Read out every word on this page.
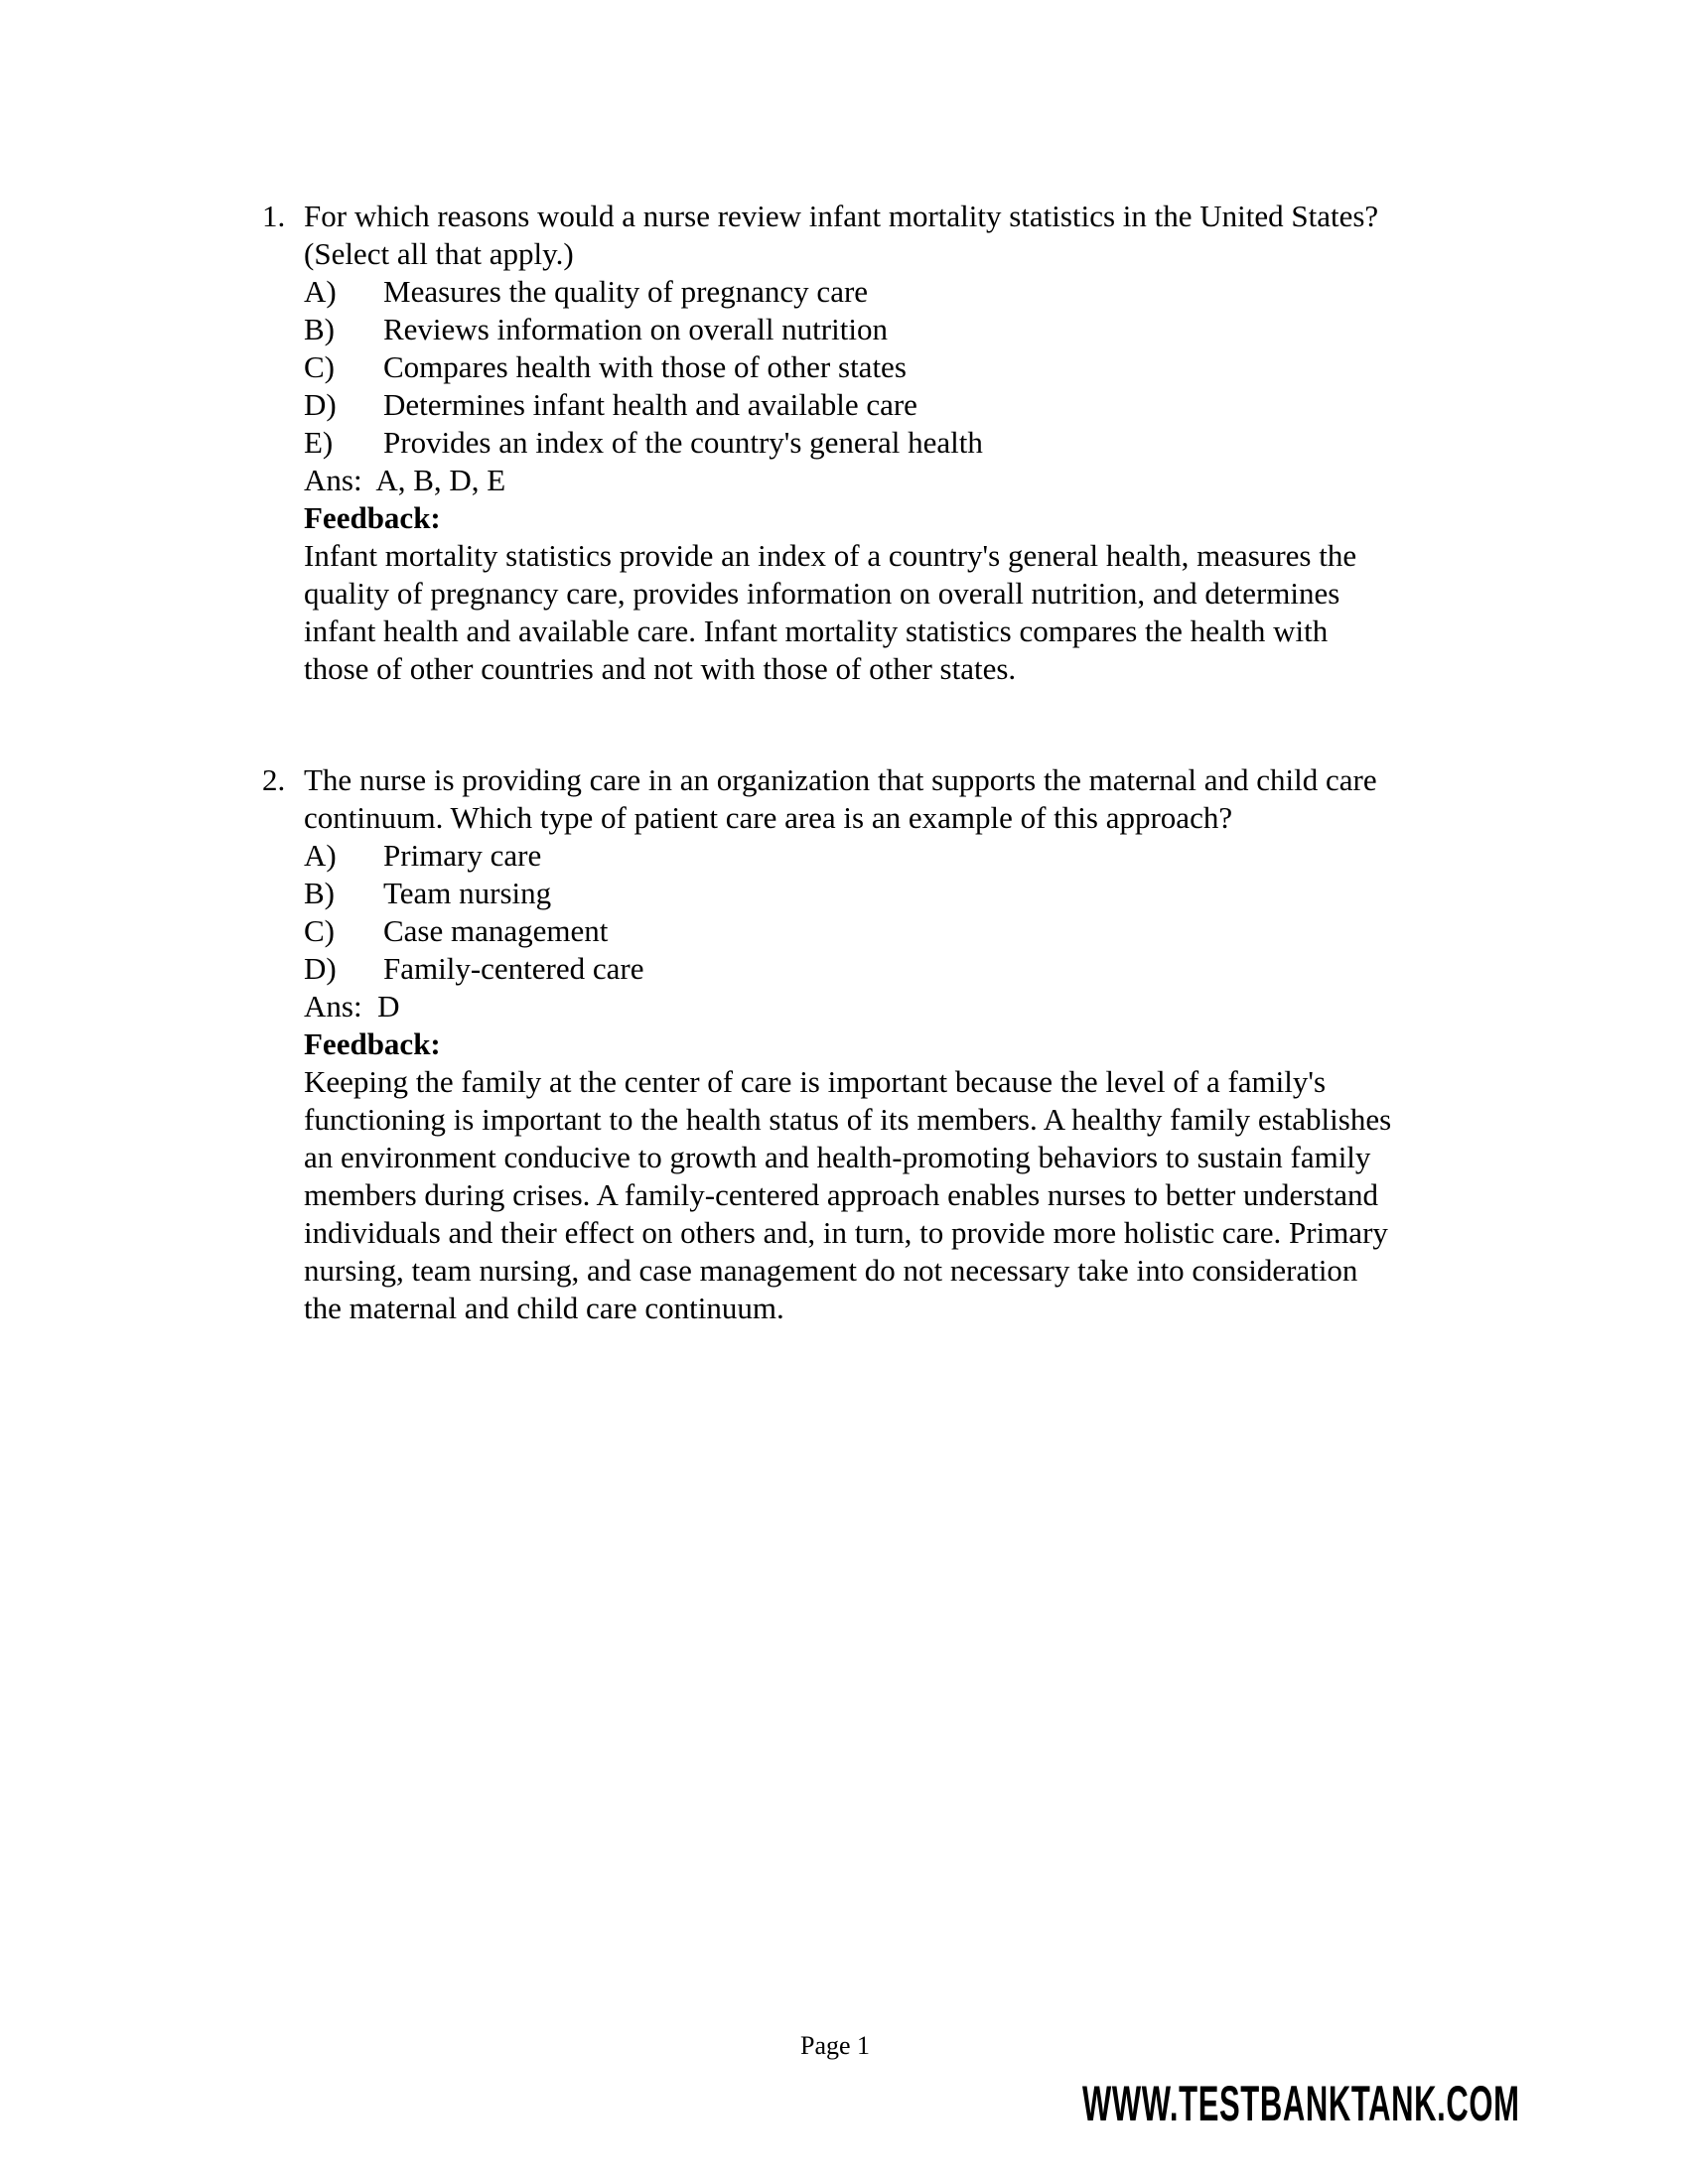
1. For which reasons would a nurse review infant mortality statistics in the United States?
(Select all that apply.)
A) Measures the quality of pregnancy care
B) Reviews information on overall nutrition
C) Compares health with those of other states
D) Determines infant health and available care
E) Provides an index of the country's general health
Ans:  A, B, D, E
Feedback:
Infant mortality statistics provide an index of a country's general health, measures the
quality of pregnancy care, provides information on overall nutrition, and determines
infant health and available care. Infant mortality statistics compares the health with
those of other countries and not with those of other states.
2. The nurse is providing care in an organization that supports the maternal and child care
continuum. Which type of patient care area is an example of this approach?
A) Primary care
B) Team nursing
C) Case management
D) Family-centered care
Ans:  D
Feedback:
Keeping the family at the center of care is important because the level of a family's
functioning is important to the health status of its members. A healthy family establishes
an environment conducive to growth and health-promoting behaviors to sustain family
members during crises. A family-centered approach enables nurses to better understand
individuals and their effect on others and, in turn, to provide more holistic care. Primary
nursing, team nursing, and case management do not necessary take into consideration
the maternal and child care continuum.
Page 1
WWW.TESTBANKTANK.COM
